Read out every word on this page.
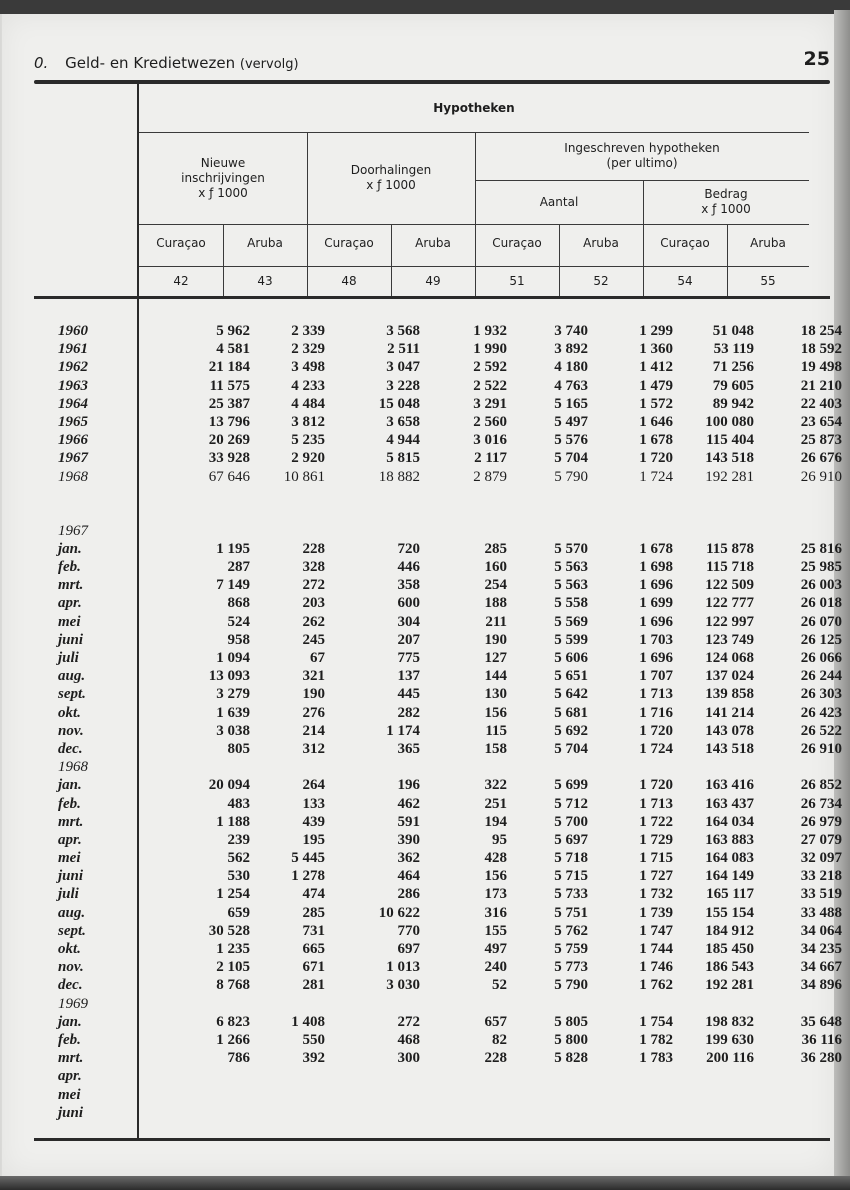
0. Geld- en Kredietwezen (vervolg)	25
Hypotheken
Nieuwe
inschrijvingen
x ƒ 1000
Doorhalingen
x ƒ 1000
Ingeschreven hypotheken
(per ultimo)
Aantal
Bedrag
x ƒ 1000
Curaçao	Aruba	Curaçao	Aruba	Curaçao	Aruba	Curaçao	Aruba
42	43	48	49	51	52	54	55
1960	5 962	2 339	3 568	1 932	3 740	1 299	51 048	18 254
1961	4 581	2 329	2 511	1 990	3 892	1 360	53 119	18 592
1962	21 184	3 498	3 047	2 592	4 180	1 412	71 256	19 498
1963	11 575	4 233	3 228	2 522	4 763	1 479	79 605	21 210
1964	25 387	4 484	15 048	3 291	5 165	1 572	89 942	22 403
1965	13 796	3 812	3 658	2 560	5 497	1 646	100 080	23 654
1966	20 269	5 235	4 944	3 016	5 576	1 678	115 404	25 873
1967	33 928	2 920	5 815	2 117	5 704	1 720	143 518	26 676
1968	67 646	10 861	18 882	2 879	5 790	1 724	192 281	26 910
1967
jan.	1 195	228	720	285	5 570	1 678	115 878	25 816
feb.	287	328	446	160	5 563	1 698	115 718	25 985
mrt.	7 149	272	358	254	5 563	1 696	122 509	26 003
apr.	868	203	600	188	5 558	1 699	122 777	26 018
mei	524	262	304	211	5 569	1 696	122 997	26 070
juni	958	245	207	190	5 599	1 703	123 749	26 125
juli	1 094	67	775	127	5 606	1 696	124 068	26 066
aug.	13 093	321	137	144	5 651	1 707	137 024	26 244
sept.	3 279	190	445	130	5 642	1 713	139 858	26 303
okt.	1 639	276	282	156	5 681	1 716	141 214	26 423
nov.	3 038	214	1 174	115	5 692	1 720	143 078	26 522
dec.	805	312	365	158	5 704	1 724	143 518	26 910
1968
jan.	20 094	264	196	322	5 699	1 720	163 416	26 852
feb.	483	133	462	251	5 712	1 713	163 437	26 734
mrt.	1 188	439	591	194	5 700	1 722	164 034	26 979
apr.	239	195	390	95	5 697	1 729	163 883	27 079
mei	562	5 445	362	428	5 718	1 715	164 083	32 097
juni	530	1 278	464	156	5 715	1 727	164 149	33 218
juli	1 254	474	286	173	5 733	1 732	165 117	33 519
aug.	659	285	10 622	316	5 751	1 739	155 154	33 488
sept.	30 528	731	770	155	5 762	1 747	184 912	34 064
okt.	1 235	665	697	497	5 759	1 744	185 450	34 235
nov.	2 105	671	1 013	240	5 773	1 746	186 543	34 667
dec.	8 768	281	3 030	52	5 790	1 762	192 281	34 896
1969
jan.	6 823	1 408	272	657	5 805	1 754	198 832	35 648
feb.	1 266	550	468	82	5 800	1 782	199 630	36 116
mrt.	786	392	300	228	5 828	1 783	200 116	36 280
apr.
mei
juni
